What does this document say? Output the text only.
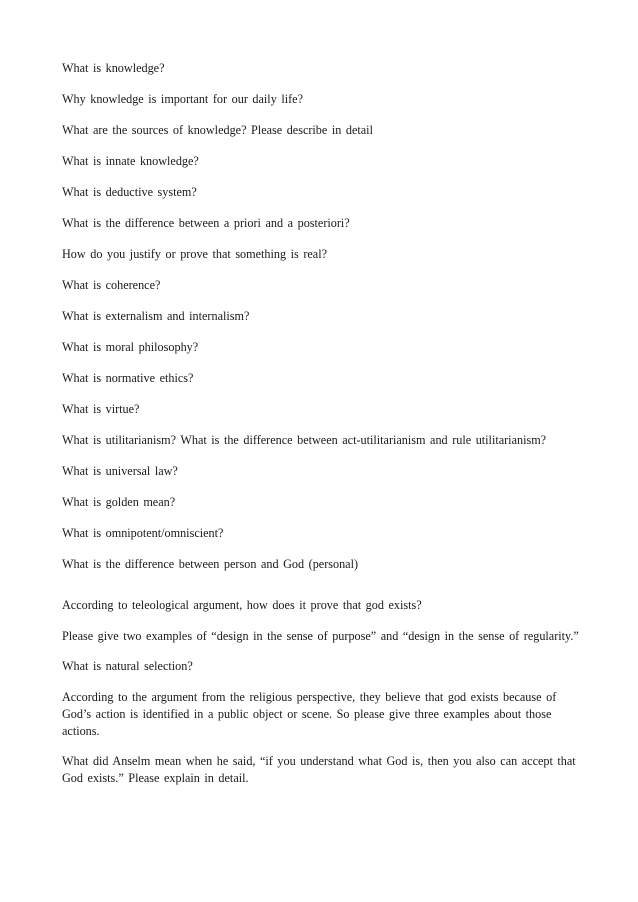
What is knowledge?

Why knowledge is important for our daily life?

What are the sources of knowledge? Please describe in detail

What is innate knowledge?

What is deductive system?

What is the difference between a priori and a posteriori?

How do you justify or prove that something is real?

What is coherence?

What is externalism and internalism?

What is moral philosophy?

What is normative ethics?

What is virtue?

What is utilitarianism? What is the difference between act-utilitarianism and rule utilitarianism?

What is universal law?

What is golden mean?

What is omnipotent/omniscient?

What is the difference between person and God (personal)

According to teleological argument, how does it prove that god exists?

Please give two examples of “design in the sense of purpose” and “design in the sense of regularity.”

What is natural selection?

According to the argument from the religious perspective, they believe that god exists because of God’s action is identified in a public object or scene. So please give three examples about those actions.

What did Anselm mean when he said, “if you understand what God is, then you also can accept that God exists.” Please explain in detail.
